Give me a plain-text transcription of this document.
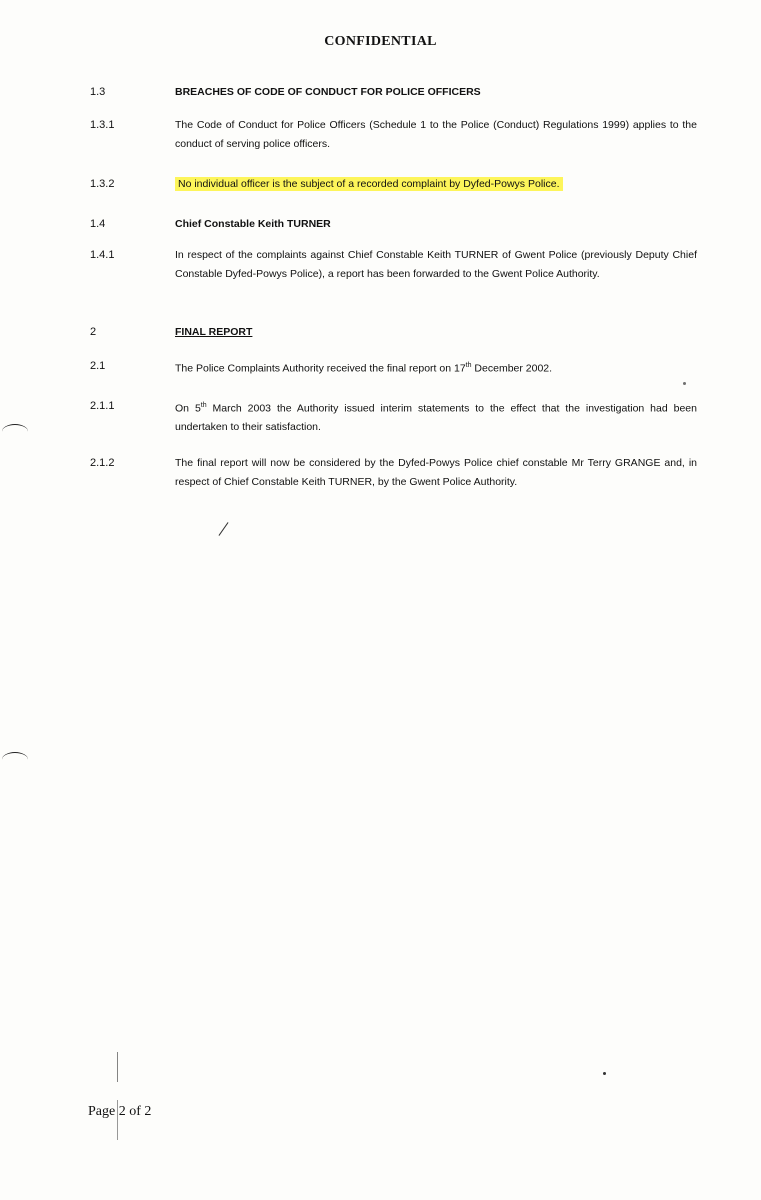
CONFIDENTIAL
1.3	BREACHES OF CODE OF CONDUCT FOR POLICE OFFICERS
1.3.1	The Code of Conduct for Police Officers (Schedule 1 to the Police (Conduct) Regulations 1999) applies to the conduct of serving police officers.
1.3.2	No individual officer is the subject of a recorded complaint by Dyfed-Powys Police.
1.4	Chief Constable Keith TURNER
1.4.1	In respect of the complaints against Chief Constable Keith TURNER of Gwent Police (previously Deputy Chief Constable Dyfed-Powys Police), a report has been forwarded to the Gwent Police Authority.
2	FINAL REPORT
2.1	The Police Complaints Authority received the final report on 17th December 2002.
2.1.1	On 5th March 2003 the Authority issued interim statements to the effect that the investigation had been undertaken to their satisfaction.
2.1.2	The final report will now be considered by the Dyfed-Powys Police chief constable Mr Terry GRANGE and, in respect of Chief Constable Keith TURNER, by the Gwent Police Authority.
Page 2 of 2
